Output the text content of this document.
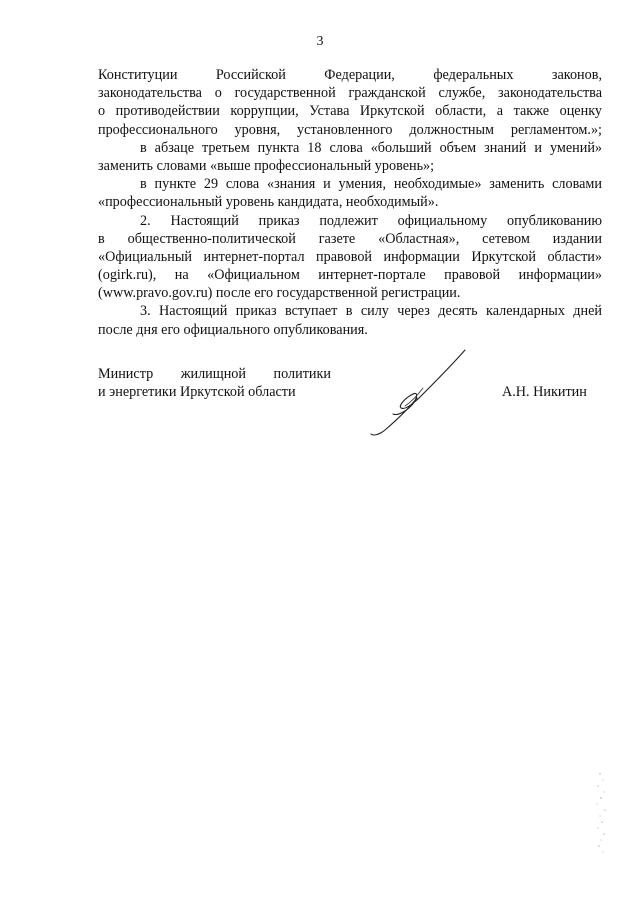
3
Конституции Российской Федерации, федеральных законов,
законодательства о государственной гражданской службе, законодательства
о противодействии коррупции, Устава Иркутской области, а также оценку
профессионального уровня, установленного должностным регламентом.»;
в абзаце третьем пункта 18 слова «больший объем знаний и умений»
заменить словами «выше профессиональный уровень»;
в пункте 29 слова «знания и умения, необходимые» заменить словами
«профессиональный уровень кандидата, необходимый».
2. Настоящий приказ подлежит официальному опубликованию
в общественно-политической газете «Областная», сетевом издании
«Официальный интернет-портал правовой информации Иркутской области»
(ogirk.ru), на «Официальном интернет-портале правовой информации»
(www.pravo.gov.ru) после его государственной регистрации.
3. Настоящий приказ вступает в силу через десять календарных дней
после дня его официального опубликования.
Министр жилищной политики
и энергетики Иркутской области	А.Н. Никитин
